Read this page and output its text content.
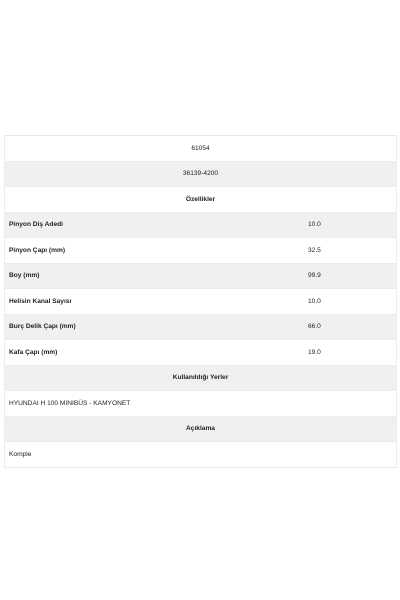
61054
36139-4200
Özellikler
Pinyon Diş Adedi	10.0
Pinyon Çapı (mm)	32.5
Boy (mm)	99.9
Helisin Kanal Sayısı	10.0
Burç Delik Çapı (mm)	66.0
Kafa Çapı (mm)	19.0
Kullanıldığı Yerler
HYUNDAI H 100 MINIBÜS - KAMYONET
Açıklama
Komple
